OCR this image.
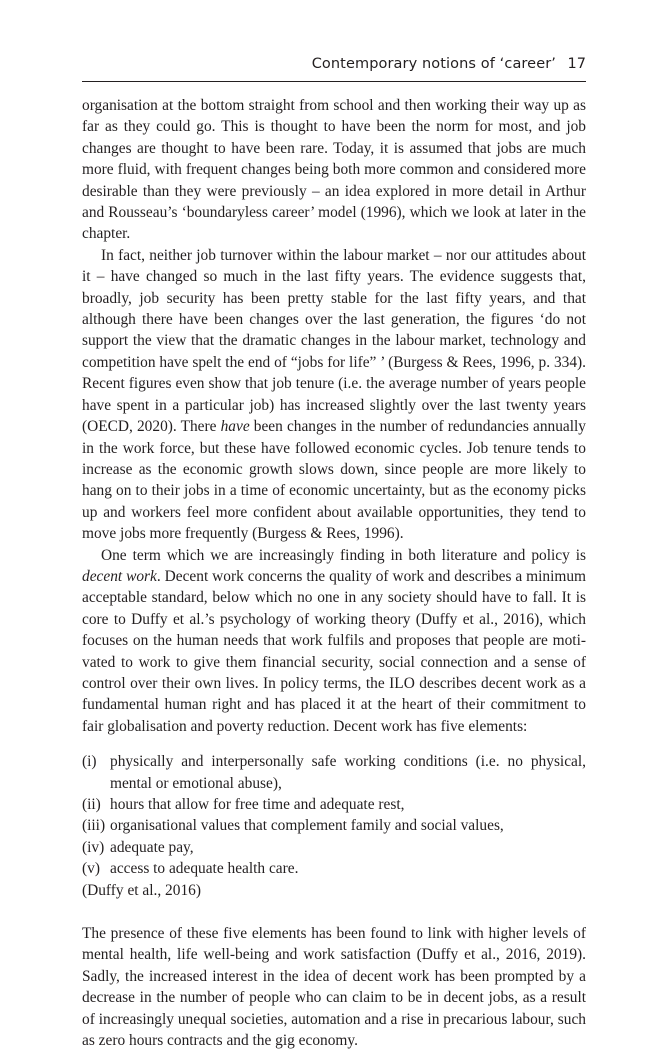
Contemporary notions of ‘career’ 17

organisation at the bottom straight from school and then working their way up as far as they could go. This is thought to have been the norm for most, and job changes are thought to have been rare. Today, it is assumed that jobs are much more fluid, with frequent changes being both more common and considered more desirable than they were previously – an idea explored in more detail in Arthur and Rousseau’s ‘boundaryless career’ model (1996), which we look at later in the chapter.

In fact, neither job turnover within the labour market – nor our attitudes about it – have changed so much in the last fifty years. The evidence suggests that, broadly, job security has been pretty stable for the last fifty years, and that although there have been changes over the last generation, the figures ‘do not support the view that the dramatic changes in the labour market, technology and competition have spelt the end of “jobs for life” ’ (Burgess & Rees, 1996, p. 334). Recent figures even show that job tenure (i.e. the average number of years people have spent in a particular job) has increased slightly over the last twenty years (OECD, 2020). There have been changes in the number of redundancies annually in the work force, but these have followed economic cycles. Job tenure tends to increase as the economic growth slows down, since people are more likely to hang on to their jobs in a time of economic uncertainty, but as the economy picks up and workers feel more confident about available opportunities, they tend to move jobs more frequently (Burgess & Rees, 1996).

One term which we are increasingly finding in both literature and policy is decent work. Decent work concerns the quality of work and describes a minimum acceptable standard, below which no one in any society should have to fall. It is core to Duffy et al.’s psychology of working theory (Duffy et al., 2016), which focuses on the human needs that work fulfils and proposes that people are motivated to work to give them financial security, social connection and a sense of control over their own lives. In policy terms, the ILO describes decent work as a fundamental human right and has placed it at the heart of their commitment to fair globalisation and poverty reduction. Decent work has five elements:

(i) physically and interpersonally safe working conditions (i.e. no physical, mental or emotional abuse),
(ii) hours that allow for free time and adequate rest,
(iii) organisational values that complement family and social values,
(iv) adequate pay,
(v) access to adequate health care.

(Duffy et al., 2016)

The presence of these five elements has been found to link with higher levels of mental health, life well-being and work satisfaction (Duffy et al., 2016, 2019). Sadly, the increased interest in the idea of decent work has been prompted by a decrease in the number of people who can claim to be in decent jobs, as a result of increasingly unequal societies, automation and a rise in precarious labour, such as zero hours contracts and the gig economy.
